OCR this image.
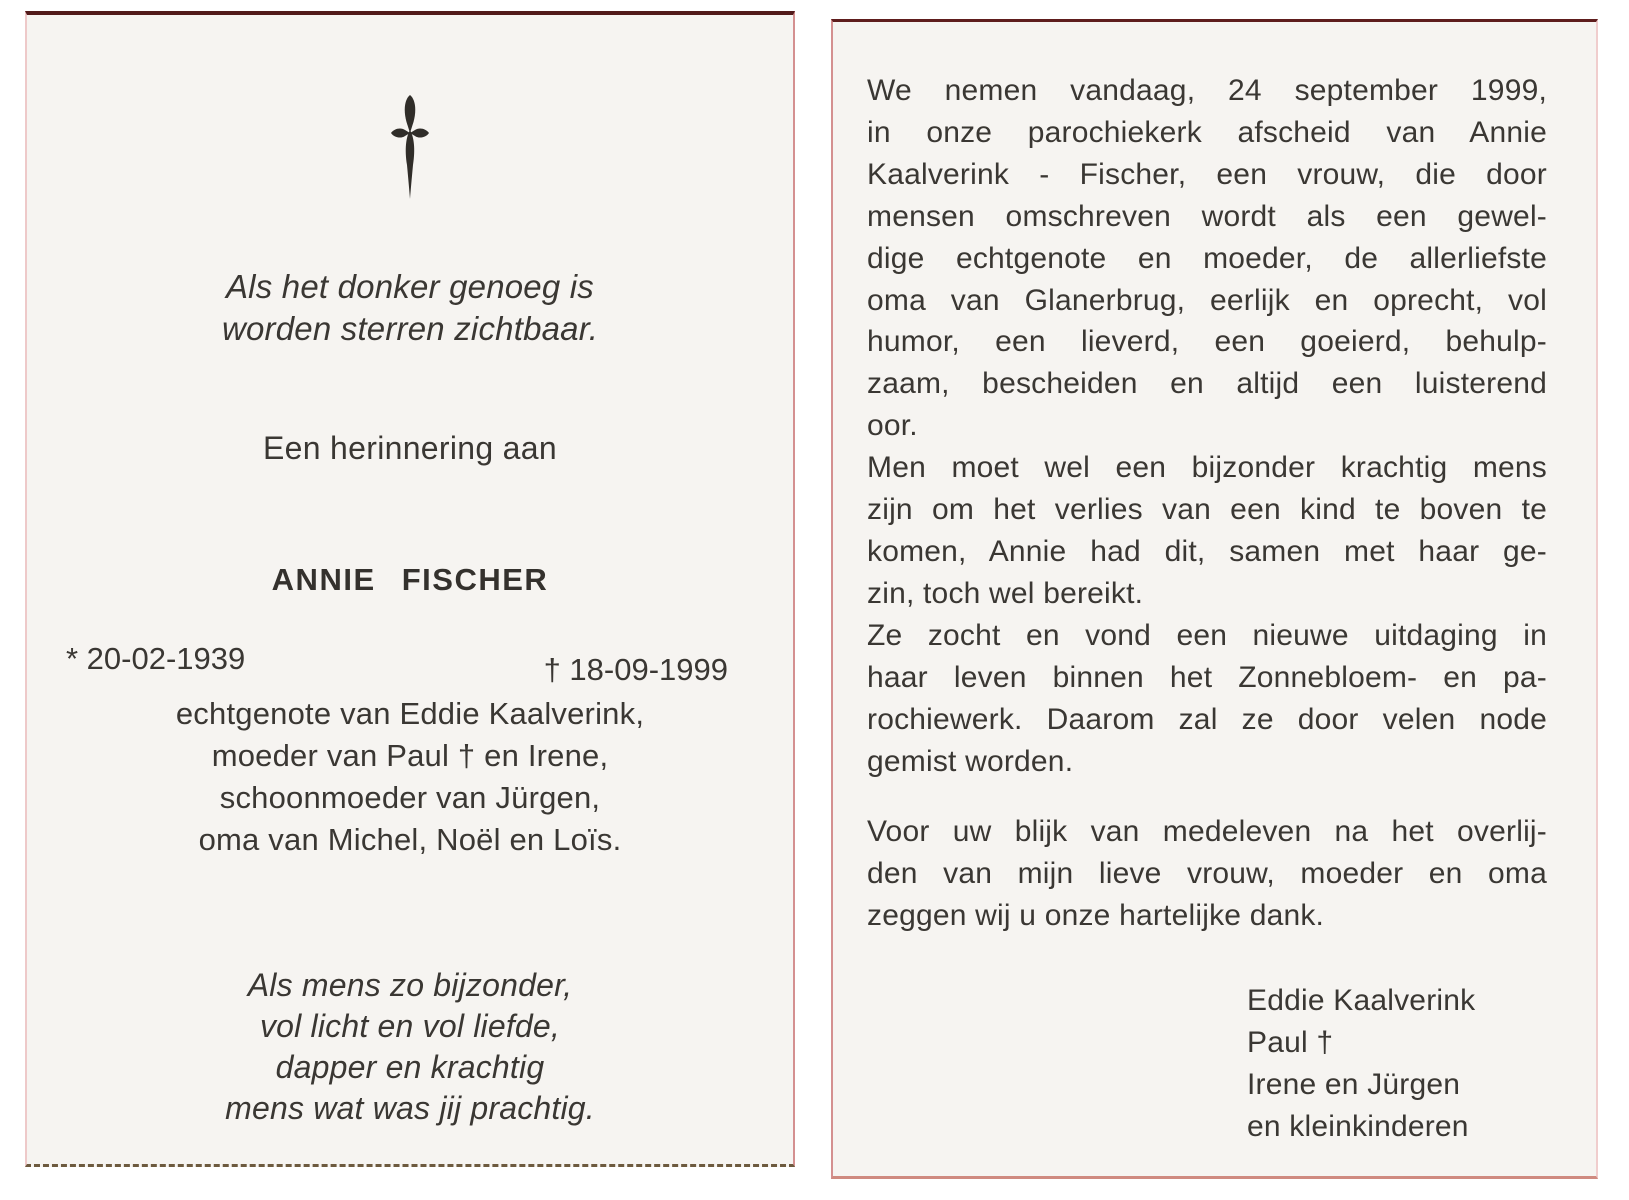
Als het donker genoeg is
worden sterren zichtbaar.
Een herinnering aan
ANNIE FISCHER
* 20-02-1939	† 18-09-1999
echtgenote van Eddie Kaalverink,
moeder van Paul † en Irene,
schoonmoeder van Jürgen,
oma van Michel, Noël en Loïs.
Als mens zo bijzonder,
vol licht en vol liefde,
dapper en krachtig
mens wat was jij prachtig.
We nemen vandaag, 24 september 1999,
in onze parochiekerk afscheid van Annie
Kaalverink - Fischer, een vrouw, die door
mensen omschreven wordt als een gewel-
dige echtgenote en moeder, de allerliefste
oma van Glanerbrug, eerlijk en oprecht, vol
humor, een lieverd, een goeierd, behulp-
zaam, bescheiden en altijd een luisterend
oor.
Men moet wel een bijzonder krachtig mens
zijn om het verlies van een kind te boven te
komen, Annie had dit, samen met haar ge-
zin, toch wel bereikt.
Ze zocht en vond een nieuwe uitdaging in
haar leven binnen het Zonnebloem- en pa-
rochiewerk. Daarom zal ze door velen node
gemist worden.
Voor uw blijk van medeleven na het overlij-
den van mijn lieve vrouw, moeder en oma
zeggen wij u onze hartelijke dank.
Eddie Kaalverink
Paul †
Irene en Jürgen
en kleinkinderen
